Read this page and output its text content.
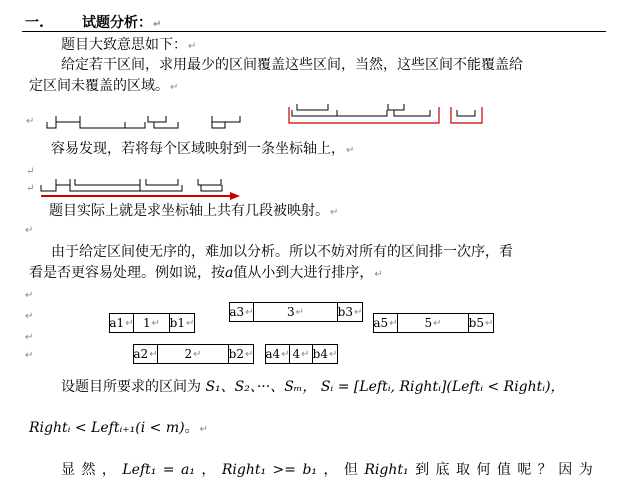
一.	试题分析：↵
题目大致意思如下：↵
给定若干区间，求用最少的区间覆盖这些区间，当然，这些区间不能覆盖给
定区间未覆盖的区域。↵
↵
容易发现，若将每个区域映射到一条坐标轴上，↵
↵
↵
题目实际上就是求坐标轴上共有几段被映射。↵
↵
由于给定区间使无序的，难加以分析。所以不妨对所有的区间排一次序，看
看是否更容易处理。例如说，按a值从小到大进行排序，↵
↵
↵
↵
↵
a1 ↵ 1 ↵ b1 ↵
a2 ↵ 2 ↵ b2 ↵
a3 ↵	3 ↵	b3 ↵
a4 ↵ 4 ↵ b4 ↵
a5 ↵ 5 ↵ b5 ↵
设题目所要求的区间为 S₁、S₂、···、Sₘ， Sᵢ = [Leftᵢ, Rightᵢ](Leftᵢ < Rightᵢ)，
Rightᵢ < Leftᵢ₊₁(i < m)。↵
显 然 ， Left₁ = a₁ ， Right₁ >= b₁ ， 但 Right₁ 到 底 取 何 值 呢 ？ 因 为
